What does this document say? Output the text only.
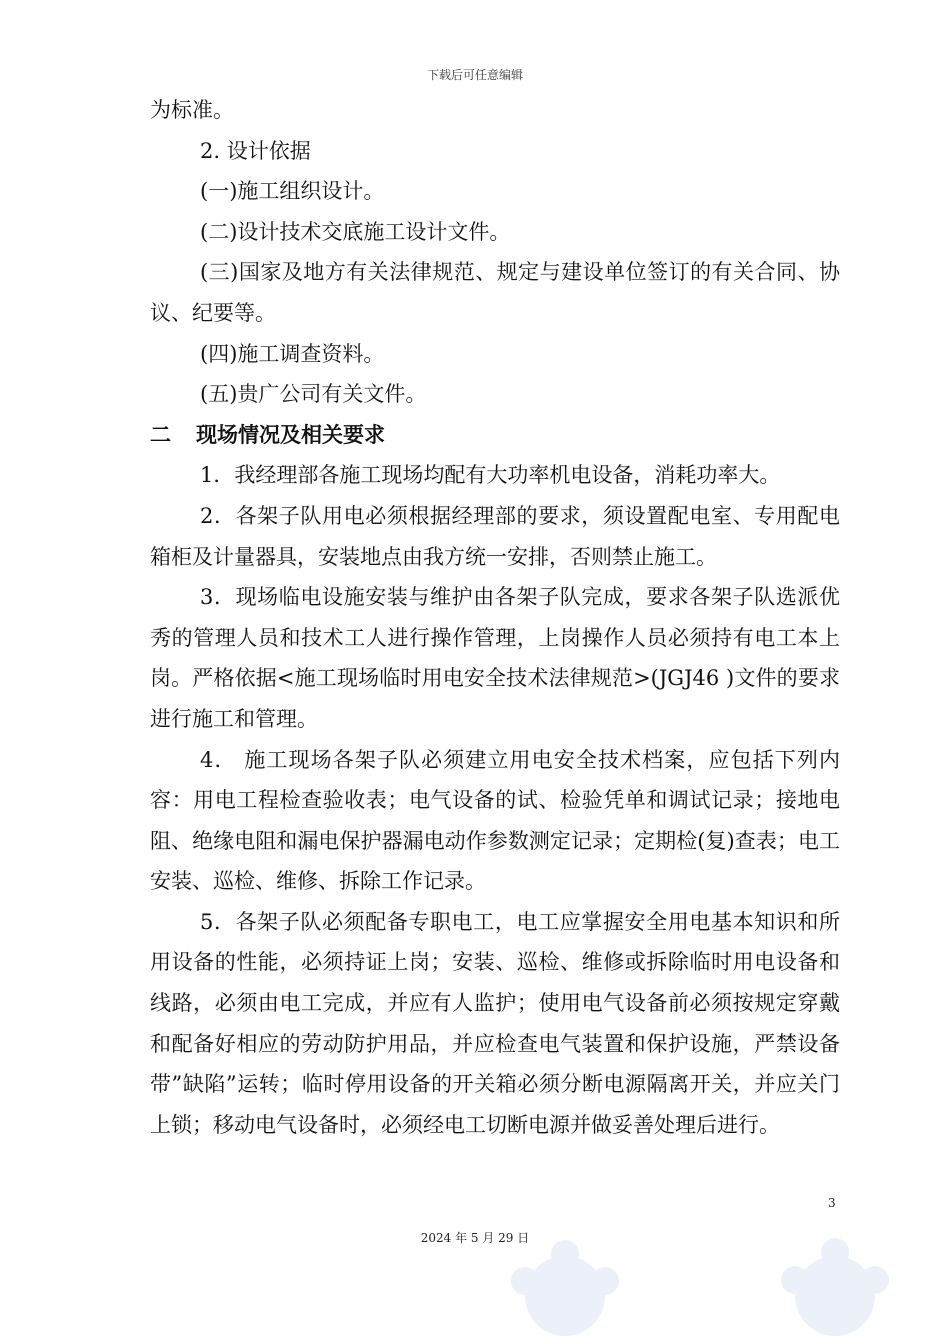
下载后可任意编辑

为标准。

2. 设计依据

(一)施工组织设计。

(二)设计技术交底施工设计文件。

(三)国家及地方有关法律规范、规定与建设单位签订的有关合同、协议、纪要等。

(四)施工调查资料。

(五)贵广公司有关文件。

二 现场情况及相关要求

1．我经理部各施工现场均配有大功率机电设备，消耗功率大。

2．各架子队用电必须根据经理部的要求，须设置配电室、专用配电箱柜及计量器具，安装地点由我方统一安排，否则禁止施工。

3．现场临电设施安装与维护由各架子队完成，要求各架子队选派优秀的管理人员和技术工人进行操作管理，上岗操作人员必须持有电工本上岗。严格依据<施工现场临时用电安全技术法律规范>(JGJ46 )文件的要求进行施工和管理。

4． 施工现场各架子队必须建立用电安全技术档案，应包括下列内容：用电工程检查验收表；电气设备的试、检验凭单和调试记录；接地电阻、绝缘电阻和漏电保护器漏电动作参数测定记录；定期检(复)查表；电工安装、巡检、维修、拆除工作记录。

5．各架子队必须配备专职电工，电工应掌握安全用电基本知识和所用设备的性能，必须持证上岗；安装、巡检、维修或拆除临时用电设备和线路，必须由电工完成，并应有人监护；使用电气设备前必须按规定穿戴和配备好相应的劳动防护用品，并应检查电气装置和保护设施，严禁设备带”缺陷”运转；临时停用设备的开关箱必须分断电源隔离开关，并应关门上锁；移动电气设备时，必须经电工切断电源并做妥善处理后进行。

3
2024 年 5 月 29 日
